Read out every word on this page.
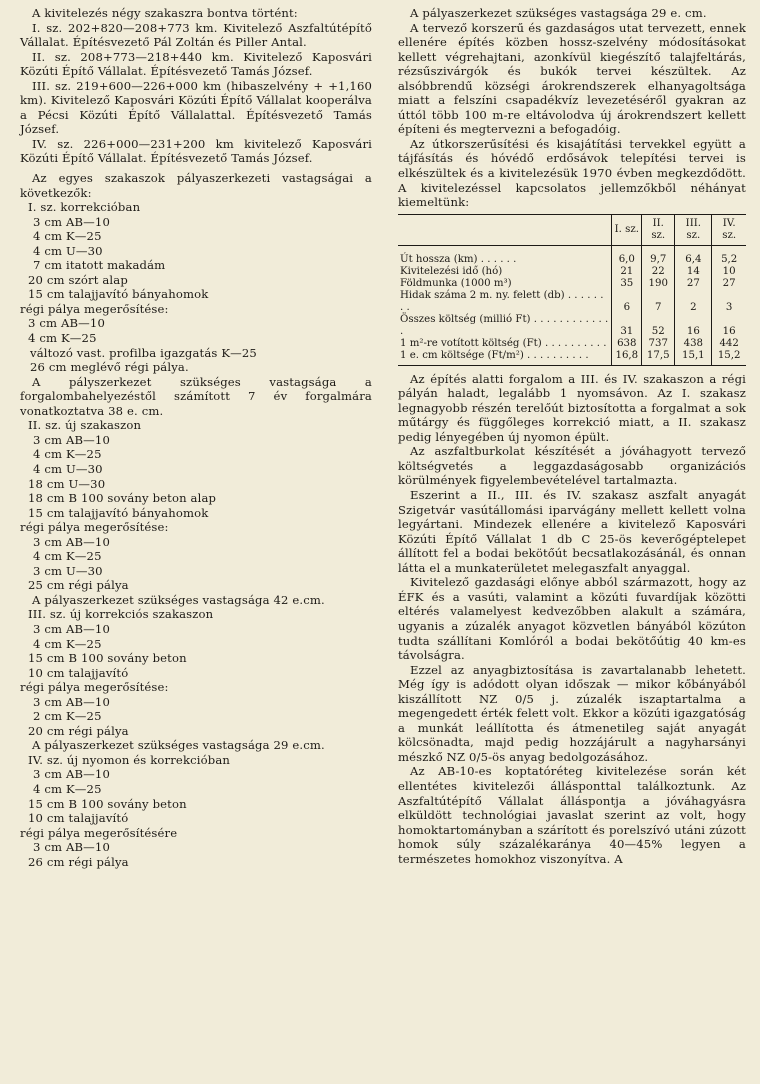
A kivitelezés négy szakaszra bontva történt:

I. sz. 202+820—208+773 km. Kivitelező Aszfaltútépítő Vállalat. Építésvezető Pál Zoltán és Piller Antal.

II. sz. 208+773—218+440 km. Kivitelező Kaposvári Közúti Építő Vállalat. Építésvezető Tamás József.

III. sz. 219+600—226+000 km (hibaszelvény + +1,160 km). Kivitelező Kaposvári Közúti Építő Vállalat kooperálva a Pécsi Közúti Építő Vállalattal. Építésvezető Tamás József.

IV. sz. 226+000—231+200 km kivitelező Kaposvári Közúti Építő Vállalat. Építésvezető Tamás József.

Az egyes szakaszok pályaszerkezeti vastagságai a következők:

I. sz. korrekcióban
3 cm AB—10
4 cm K—25
4 cm U—30
7 cm itatott makadám
20 cm szórt alap
15 cm talajjavító bányahomok
régi pálya megerősítése:
3 cm AB—10
4 cm K—25
változó vast. profilba igazgatás K—25
26 cm meglévő régi pálya.

A pályszerkezet szükséges vastagsága a forgalombahelyezéstől számított 7 év forgalmára vonatkoztatva 38 e. cm.

II. sz. új szakaszon
3 cm AB—10
4 cm K—25
4 cm U—30
18 cm U—30
18 cm B 100 sovány beton alap
15 cm talajjavító bányahomok
régi pálya megerősítése:
3 cm AB—10
4 cm K—25
3 cm U—30
25 cm régi pálya

A pályaszerkezet szükséges vastagsága 42 e.cm.

III. sz. új korrekciós szakaszon
3 cm AB—10
4 cm K—25
15 cm B 100 sovány beton
10 cm talajjavító
régi pálya megerősítése:
3 cm AB—10
2 cm K—25
20 cm régi pálya

A pályaszerkezet szükséges vastagsága 29 e.cm.

IV. sz. új nyomon és korrekcióban
3 cm AB—10
4 cm K—25
15 cm B 100 sovány beton
10 cm talajjavító
régi pálya megerősítésére
3 cm AB—10
26 cm régi pálya

A pályaszerkezet szükséges vastagsága 29 e. cm.

A tervező korszerű és gazdaságos utat tervezett, ennek ellenére építés közben hossz-szelvény módosításokat kellett végrehajtani, azonkívül kiegészítő talajfeltárás, rézsűszivárgók és bukók tervei készültek. Az alsóbbrendű községi árokrendszerek elhanyagoltsága miatt a felszíni csapadékvíz levezetéséről gyakran az úttól több 100 m-re eltávolodva új árokrendszert kellett építeni és megtervezni a befogadóig.

Az útkorszerűsítési és kisajátítási tervekkel együtt a tájfásítás és hóvédő erdősávok telepítési tervei is elkészültek és a kivitelezésük 1970 évben megkezdődött. A kivitelezéssel kapcsolatos jellemzőkből néhányat kiemeltünk:

	I. sz.	II. sz.	III. sz.	IV. sz.
Út hossza (km) . . . . . .	6,0	9,7	6,4	5,2
Kivitelezési idő (hó)	21	22	14	10
Földmunka (1000 m³)	35	190	27	27
Hidak száma 2 m. ny. felett (db) . . . . . . . .	6	7	2	3
Összes költség (millió Ft) . . . . . . . . . . . . .	31	52	16	16
1 m²-re votított költség (Ft) . . . . . . . . . .	638	737	438	442
1 e. cm költsége (Ft/m²) . . . . . . . . . .	16,8	17,5	15,1	15,2

Az építés alatti forgalom a III. és IV. szakaszon a régi pályán haladt, legalább 1 nyomsávon. Az I. szakasz legnagyobb részén terelőút biztosította a forgalmat a sok műtárgy és függőleges korrekció miatt, a II. szakasz pedig lényegében új nyomon épült.

Az aszfaltburkolat készítését a jóváhagyott tervező költségvetés a leggazdaságosabb organizációs körülmények figyelembevételével tartalmazta.

Eszerint a II., III. és IV. szakasz aszfalt anyagát Szigetvár vasútállomási iparvágány mellett kellett volna legyártani. Mindezek ellenére a kivitelező Kaposvári Közúti Építő Vállalat 1 db C 25-ös keverőgéptelepet állított fel a bodai bekötőút becsatlakozásánál, és onnan látta el a munkaterületet melegaszfalt anyaggal.

Kivitelező gazdasági előnye abból származott, hogy az ÉFK és a vasúti, valamint a közúti fuvardíjak közötti eltérés valamelyest kedvezőbben alakult a számára, ugyanis a zúzalék anyagot közvetlen bányából közúton tudta szállítani Komlóról a bodai bekötőútig 40 km-es távolságra.

Ezzel az anyagbiztosítása is zavartalanabb lehetett. Még így is adódott olyan időszak — mikor kőbányából kiszállított NZ 0/5 j. zúzalék iszaptartalma a megengedett érték felett volt. Ekkor a közúti igazgatóság a munkát leállította és átmenetileg saját anyagát kölcsönadta, majd pedig hozzájárult a nagyharsányi mészkő NZ 0/5-ös anyag bedolgozásához.

Az AB-10-es koptatóréteg kivitelezése során két ellentétes kivitelezői állásponttal találkoztunk. Az Aszfaltútépítő Vállalat álláspontja a jóváhagyásra elküldött technológiai javaslat szerint az volt, hogy homoktartományban a szárított és porelszívó utáni zúzott homok súly százalékaránya 40—45% legyen a természetes homokhoz viszonyítva. A
